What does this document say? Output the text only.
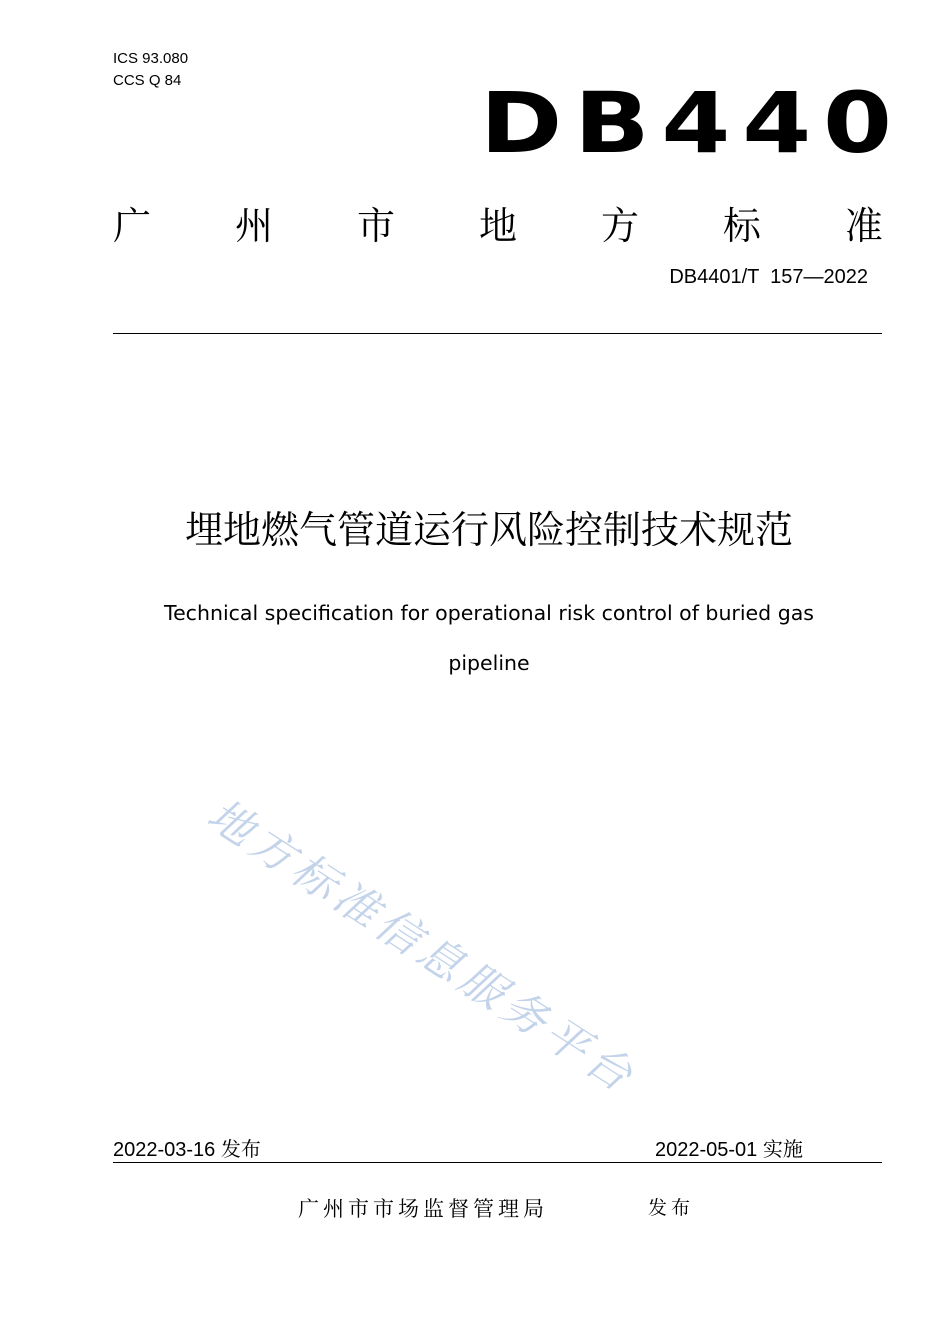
ICS 93.080
CCS Q 84	DB440
广 州 市 地 方 标 准
DB4401/T  157—2022
埋地燃气管道运行风险控制技术规范
Technical specification for operational risk control of buried gas
pipeline
地方标准信息服务平台
2022-03-16 发布	2022-05-01 实施
广州市市场监督管理局	发布
